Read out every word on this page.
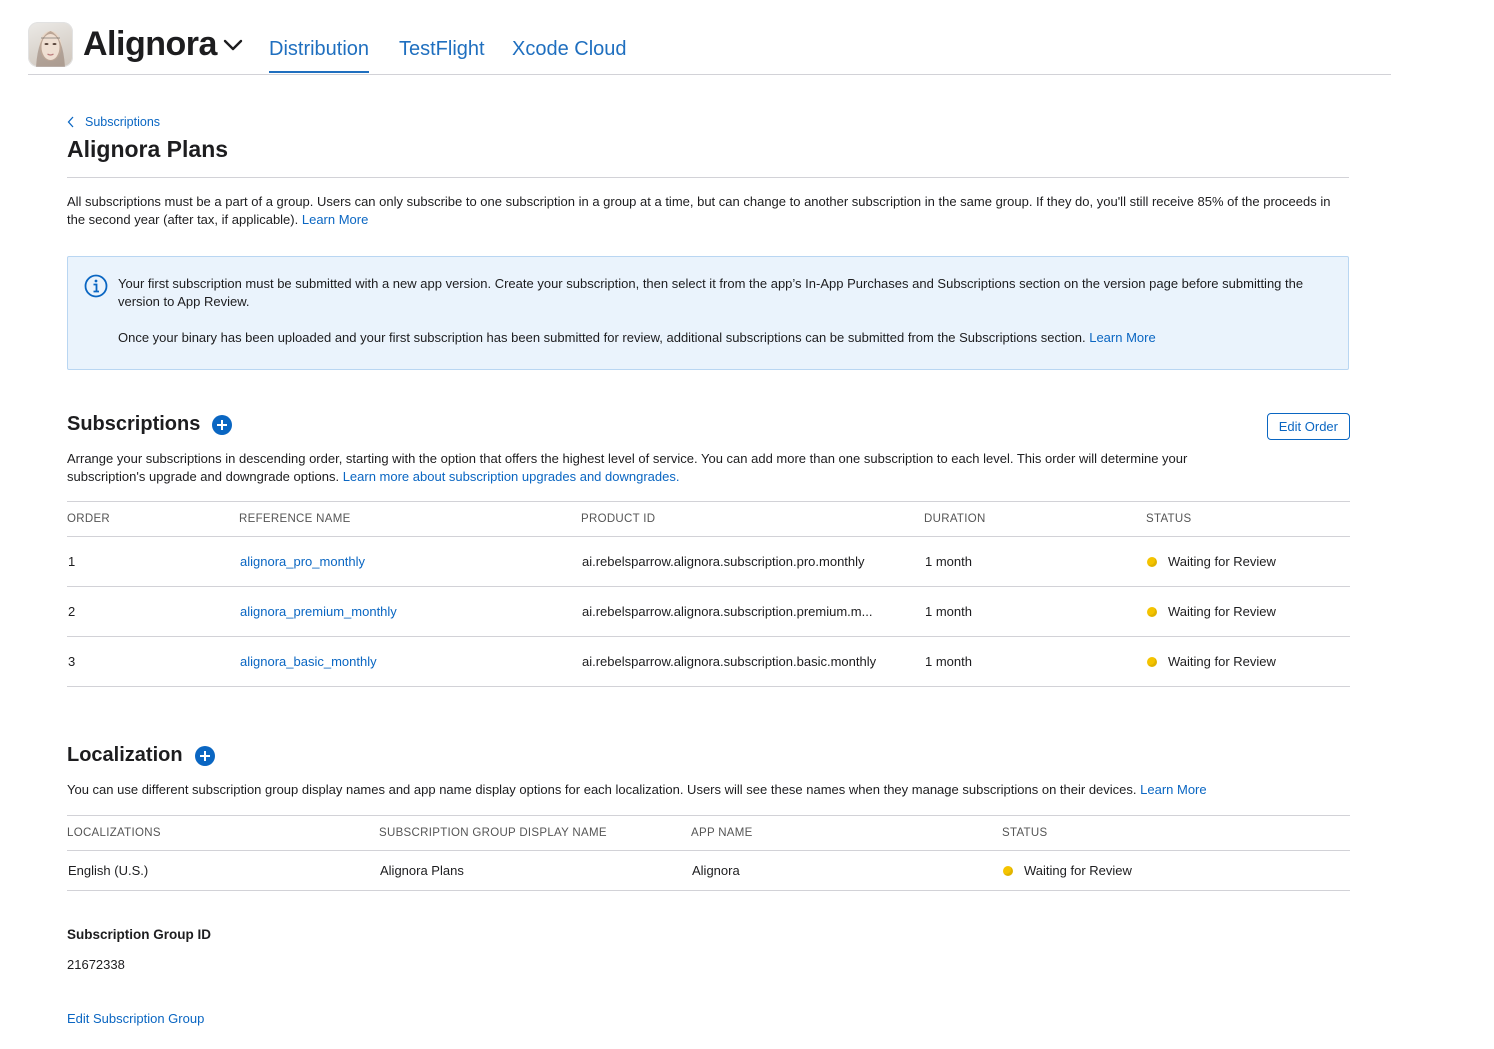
Alignora	Distribution TestFlight Xcode Cloud
Subscriptions
Alignora Plans

All subscriptions must be a part of a group. Users can only subscribe to one subscription in a group at a time, but can change to another subscription in the same group. If they do, you'll still receive 85% of the proceeds in the second year (after tax, if applicable). Learn More

Your first subscription must be submitted with a new app version. Create your subscription, then select it from the app’s In-App Purchases and Subscriptions section on the version page before submitting the version to App Review.

Once your binary has been uploaded and your first subscription has been submitted for review, additional subscriptions can be submitted from the Subscriptions section. Learn More

Subscriptions	Edit Order

Arrange your subscriptions in descending order, starting with the option that offers the highest level of service. You can add more than one subscription to each level. This order will determine your subscription's upgrade and downgrade options. Learn more about subscription upgrades and downgrades.

ORDER	REFERENCE NAME	PRODUCT ID	DURATION	STATUS
1	alignora_pro_monthly	ai.rebelsparrow.alignora.subscription.pro.monthly	1 month	Waiting for Review
2	alignora_premium_monthly	ai.rebelsparrow.alignora.subscription.premium.m...	1 month	Waiting for Review
3	alignora_basic_monthly	ai.rebelsparrow.alignora.subscription.basic.monthly	1 month	Waiting for Review
Localization

You can use different subscription group display names and app name display options for each localization. Users will see these names when they manage subscriptions on their devices. Learn More

LOCALIZATIONS	SUBSCRIPTION GROUP DISPLAY NAME	APP NAME	STATUS
English (U.S.)	Alignora Plans	Alignora	Waiting for Review
Subscription Group ID
21672338
Edit Subscription Group
